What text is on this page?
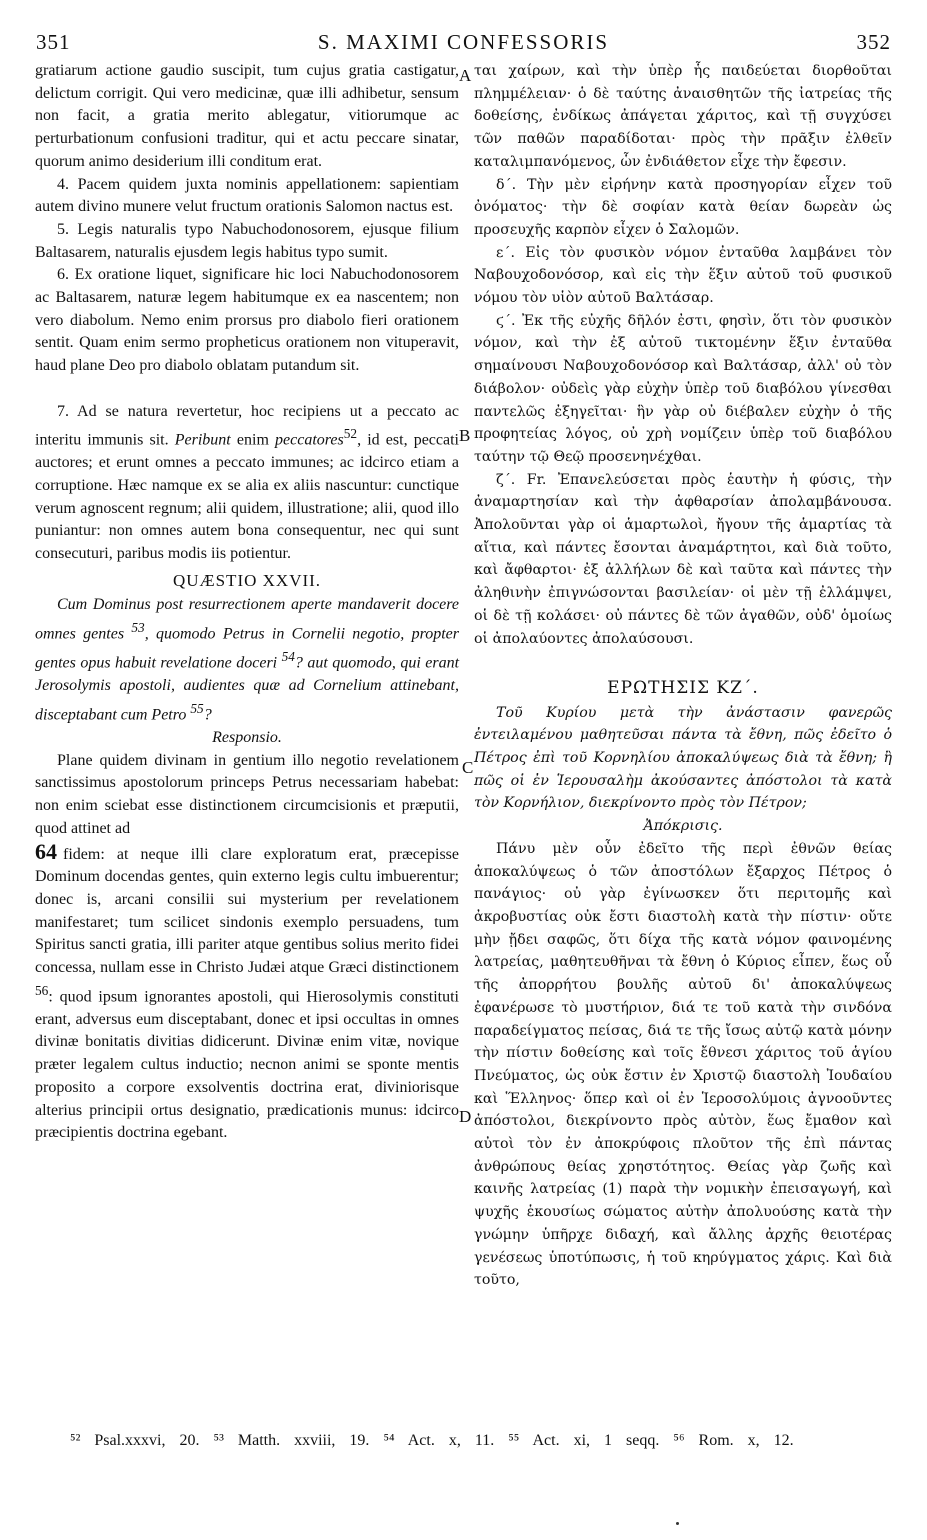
351	S. MAXIMI CONFESSORIS	352
A
B
C
D

gratiarum actione gaudio suscipit, tum cujus gratia castigatur, delictum corrigit. Qui vero medicinæ, quæ illi adhibetur, sensum non facit, a gratia merito ablegatur, vitiorumque ac perturbationum confusioni traditur, qui et actu peccare sinatar, quorum animo desiderium illi conditum erat.

4. Pacem quidem juxta nominis appellationem: sapientiam autem divino munere velut fructum orationis Salomon nactus est.

5. Legis naturalis typo Nabuchodonosorem, ejusque filium Baltasarem, naturalis ejusdem legis habitus typo sumit.

6. Ex oratione liquet, significare hic loci Nabuchodonosorem ac Baltasarem, naturæ legem habitumque ex ea nascentem; non vero diabolum. Nemo enim prorsus pro diabolo fieri orationem sentit. Quam enim sermo propheticus orationem non vituperavit, haud plane Deo pro diabolo oblatam putandum sit.

7. Ad se natura revertetur, hoc recipiens ut a peccato ac interitu immunis sit. Peribunt enim peccatores$^{52}$, id est, peccati auctores; et erunt omnes a peccato immunes; ac idcirco etiam a corruptione. Hæc namque ex se alia ex aliis nascuntur: cunctique verum agnoscent regnum; alii quidem, illustratione; alii, quod illo puniantur: non omnes autem bona consequentur, nec qui sunt consecuturi, paribus modis iis potientur.

QUÆSTIO XXVII.

Cum Dominus post resurrectionem aperte mandaverit docere omnes gentes $^{53}$, quomodo Petrus in Cornelii negotio, propter gentes opus habuit revelatione doceri $^{54}$? aut quomodo, qui erant Jerosolymis apostoli, audientes quæ ad Cornelium attinebant, disceptabant cum Petro $^{55}$?

Responsio.

Plane quidem divinam in gentium illo negotio revelationem sanctissimus apostolorum princeps Petrus necessariam habebat: non enim sciebat esse distinctionem circumcisionis et præputii, quod attinet ad

64 fidem: at neque illi clare exploratum erat, præcepisse Dominum docendas gentes, quin externo legis cultu imbuerentur; donec is, arcani consilii sui mysterium per revelationem manifestaret; tum scilicet sindonis exemplo persuadens, tum Spiritus sancti gratia, illi pariter atque gentibus solius merito fidei concessa, nullam esse in Christo Judæi atque Græci distinctionem $^{56}$: quod ipsum ignorantes apostoli, qui Hierosolymis constituti erant, adversus eum disceptabant, donec et ipsi occultas in omnes divinæ bonitatis divitias didicerunt. Divinæ enim vitæ, novique præter legalem cultus inductio; necnon animi se sponte mentis proposito a corpore exsolventis doctrina erat, diviniorisque alterius principii ortus designatio, prædicationis munus: idcirco præcipientis doctrina egebant.

ται χαίρων, καὶ τὴν ὑπὲρ ἧς παιδεύεται διορθοῦται πλημμέλειαν· ὁ δὲ ταύτης ἀναισθητῶν τῆς ἰατρείας τῆς δοθείσης, ἐνδίκως ἀπάγεται χάριτος, καὶ τῇ συγχύσει τῶν παθῶν παραδίδοται· πρὸς τὴν πρᾶξιν ἐλθεῖν καταλιμπανόμενος, ὧν ἐνδιάθετον εἶχε τὴν ἔφεσιν.

δ΄. Τὴν μὲν εἰρήνην κατὰ προσηγορίαν εἶχεν τοῦ ὀνόματος· τὴν δὲ σοφίαν κατὰ θείαν δωρεὰν ὡς προσευχῆς καρπὸν εἶχεν ὁ Σαλομῶν.

ε΄. Εἰς τὸν φυσικὸν νόμον ἐνταῦθα λαμβάνει τὸν Ναβουχοδονόσορ, καὶ εἰς τὴν ἕξιν αὐτοῦ τοῦ φυσικοῦ νόμου τὸν υἱὸν αὐτοῦ Βαλτάσαρ.

ϛ΄. Ἐκ τῆς εὐχῆς δῆλόν ἐστι, φησὶν, ὅτι τὸν φυσικὸν νόμον, καὶ τὴν ἐξ αὐτοῦ τικτομένην ἕξιν ἐνταῦθα σημαίνουσι Ναβουχοδονόσορ καὶ Βαλτάσαρ, ἀλλ' οὐ τὸν διάβολον· οὐδεὶς γὰρ εὐχὴν ὑπὲρ τοῦ διαβόλου γίνεσθαι παντελῶς ἐξηγεῖται· ἣν γὰρ οὐ διέβαλεν εὐχὴν ὁ τῆς προφητείας λόγος, οὐ χρὴ νομίζειν ὑπὲρ τοῦ διαβόλου ταύτην τῷ Θεῷ προσενηνέχθαι.

ζ΄. Fr. Ἐπανελεύσεται πρὸς ἑαυτὴν ἡ φύσις, τὴν ἀναμαρτησίαν καὶ τὴν ἀφθαρσίαν ἀπολαμβάνουσα. Ἀπολοῦνται γὰρ οἱ ἁμαρτωλοὶ, ἤγουν τῆς ἁμαρτίας τὰ αἴτια, καὶ πάντες ἔσονται ἀναμάρτητοι, καὶ διὰ τοῦτο, καὶ ἄφθαρτοι· ἐξ ἀλλήλων δὲ καὶ ταῦτα καὶ πάντες τὴν ἀληθινὴν ἐπιγνώσονται βασιλείαν· οἱ μὲν τῇ ἐλλάμψει, οἱ δὲ τῇ κολάσει· οὐ πάντες δὲ τῶν ἀγαθῶν, οὐδ' ὁμοίως οἱ ἀπολαύοντες ἀπολαύσουσι.

ΕΡΩΤΗΣΙΣ ΚΖ΄.

Τοῦ Κυρίου μετὰ τὴν ἀνάστασιν φανερῶς ἐντειλαμένου μαθητεῦσαι πάντα τὰ ἔθνη, πῶς ἐδεῖτο ὁ Πέτρος ἐπὶ τοῦ Κορνηλίου ἀποκαλύψεως διὰ τὰ ἔθνη; ἢ πῶς οἱ ἐν Ἱερουσαλὴμ ἀκούσαντες ἀπόστολοι τὰ κατὰ τὸν Κορνήλιον, διεκρίνοντο πρὸς τὸν Πέτρον;

Ἀπόκρισις.

Πάνυ μὲν οὖν ἐδεῖτο τῆς περὶ ἐθνῶν θείας ἀποκαλύψεως ὁ τῶν ἀποστόλων ἔξαρχος Πέτρος ὁ πανάγιος· οὐ γὰρ ἐγίνωσκεν ὅτι περιτομῆς καὶ ἀκροβυστίας οὐκ ἔστι διαστολὴ κατὰ τὴν πίστιν· οὔτε μὴν ᾔδει σαφῶς, ὅτι δίχα τῆς κατὰ νόμον φαινομένης λατρείας, μαθητευθῆναι τὰ ἔθνη ὁ Κύριος εἶπεν, ἕως οὗ τῆς ἀπορρήτου βουλῆς αὐτοῦ δι' ἀποκαλύψεως ἐφανέρωσε τὸ μυστήριον, διά τε τοῦ κατὰ τὴν σινδόνα παραδείγματος πείσας, διά τε τῆς ἴσως αὐτῷ κατὰ μόνην τὴν πίστιν δοθείσης καὶ τοῖς ἔθνεσι χάριτος τοῦ ἁγίου Πνεύματος, ὡς οὐκ ἔστιν ἐν Χριστῷ διαστολὴ Ἰουδαίου καὶ Ἕλληνος· ὅπερ καὶ οἱ ἐν Ἱεροσολύμοις ἀγνοοῦντες ἀπόστολοι, διεκρίνοντο πρὸς αὐτὸν, ἕως ἔμαθον καὶ αὐτοὶ τὸν ἐν ἀποκρύφοις πλοῦτον τῆς ἐπὶ πάντας ἀνθρώπους θείας χρηστότητος. Θείας γὰρ ζωῆς καὶ καινῆς λατρείας (1) παρὰ τὴν νομικὴν ἐπεισαγωγή, καὶ ψυχῆς ἑκουσίως σώματος αὐτὴν ἀπολυούσης κατὰ τὴν γνώμην ὑπῆρχε διδαχή, καὶ ἄλλης ἀρχῆς θειοτέρας γενέσεως ὑποτύπωσις, ἡ τοῦ κηρύγματος χάρις. Καὶ διὰ τοῦτο,

⁵² Psal.xxxvi, 20. ⁵³ Matth. xxviii, 19. ⁵⁴ Act. x, 11. ⁵⁵ Act. xi, 1 seqq. ⁵⁶ Rom. x, 12.
